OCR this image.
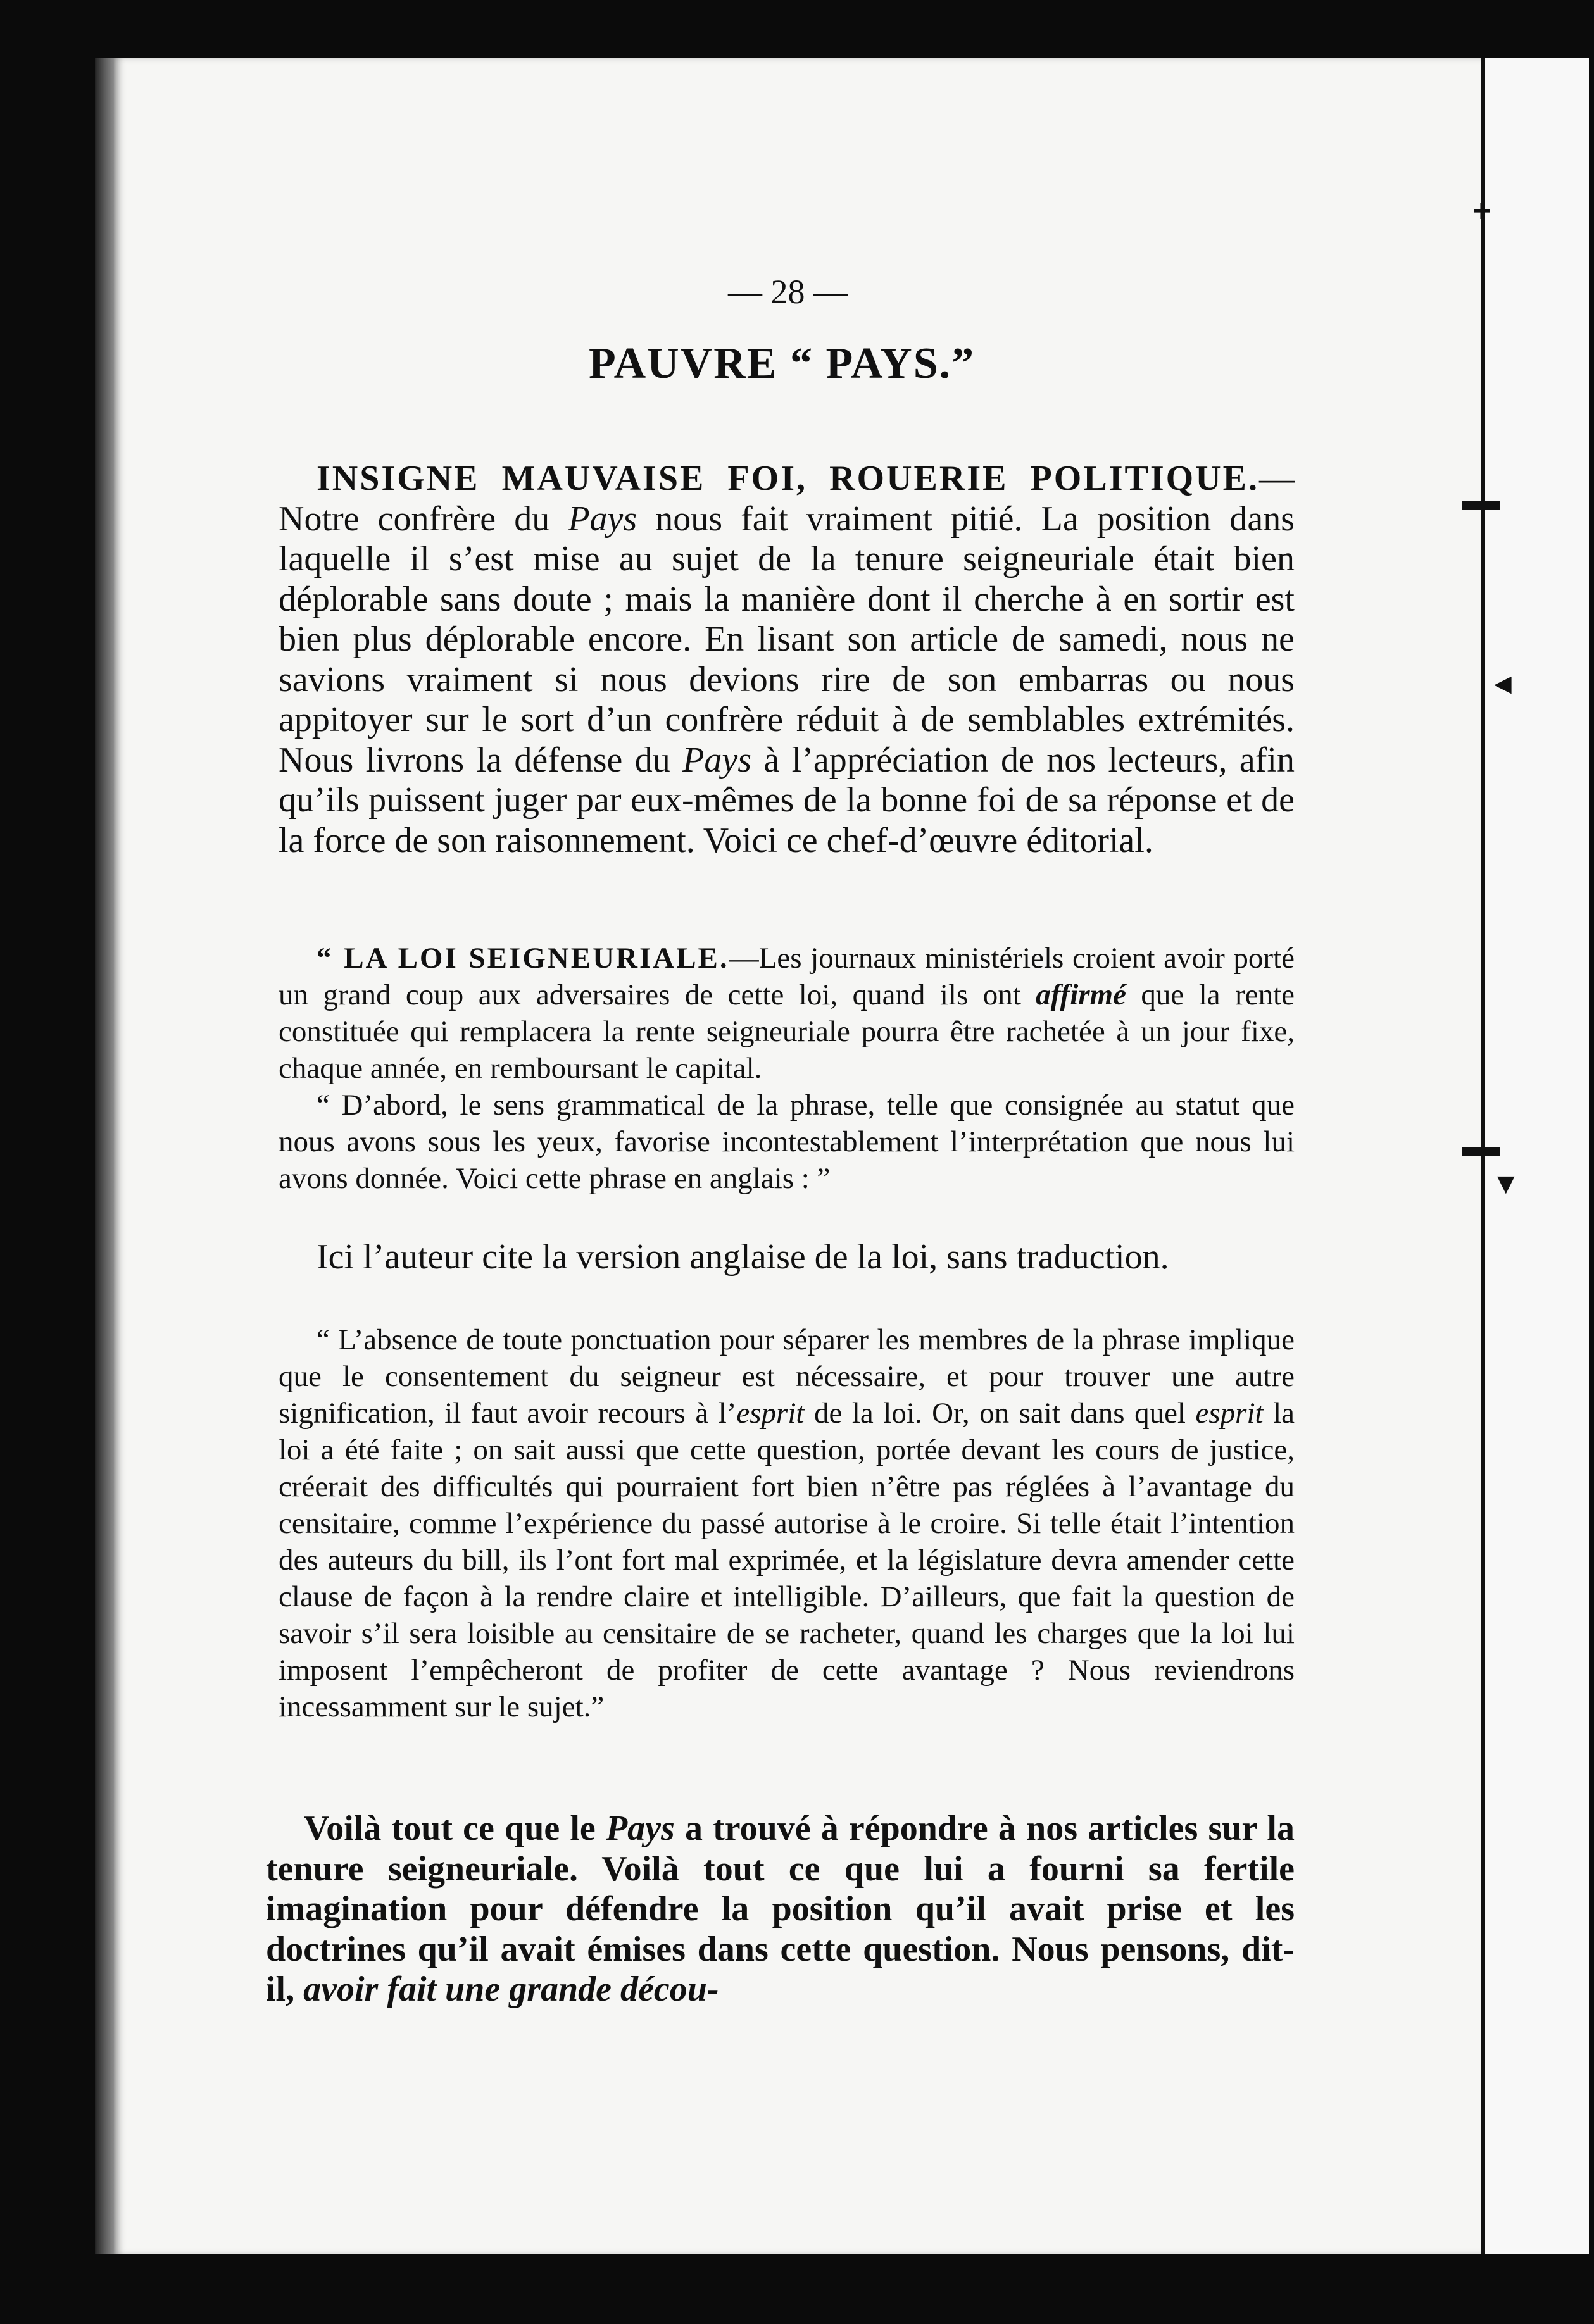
+
◀
▼
— 28 —
PAUVRE “ PAYS.”

INSIGNE MAUVAISE FOI, ROUERIE POLITIQUE.—Notre confrère du Pays nous fait vraiment pitié. La position dans laquelle il s’est mise au sujet de la tenure seigneuriale était bien déplorable sans doute ; mais la manière dont il cherche à en sortir est bien plus déplorable encore. En lisant son article de samedi, nous ne savions vraiment si nous devions rire de son embarras ou nous appitoyer sur le sort d’un confrère réduit à de semblables extrémités. Nous livrons la défense du Pays à l’appréciation de nos lecteurs, afin qu’ils puissent juger par eux-mêmes de la bonne foi de sa réponse et de la force de son raisonnement. Voici ce chef-d’œuvre éditorial.

“ LA LOI SEIGNEURIALE.—Les journaux ministériels croient avoir porté un grand coup aux adversaires de cette loi, quand ils ont affirmé que la rente constituée qui remplacera la rente seigneuriale pourra être rachetée à un jour fixe, chaque année, en remboursant le capital.

“ D’abord, le sens grammatical de la phrase, telle que consignée au statut que nous avons sous les yeux, favorise incontestablement l’interprétation que nous lui avons donnée. Voici cette phrase en anglais : ”

Ici l’auteur cite la version anglaise de la loi, sans traduction.

“ L’absence de toute ponctuation pour séparer les membres de la phrase implique que le consentement du seigneur est nécessaire, et pour trouver une autre signification, il faut avoir recours à l’esprit de la loi. Or, on sait dans quel esprit la loi a été faite ; on sait aussi que cette question, portée devant les cours de justice, créerait des difficultés qui pourraient fort bien n’être pas réglées à l’avantage du censitaire, comme l’expérience du passé autorise à le croire. Si telle était l’intention des auteurs du bill, ils l’ont fort mal exprimée, et la législature devra amender cette clause de façon à la rendre claire et intelligible. D’ailleurs, que fait la question de savoir s’il sera loisible au censitaire de se racheter, quand les charges que la loi lui imposent l’empêcheront de profiter de cette avantage ? Nous reviendrons incessamment sur le sujet.”

Voilà tout ce que le Pays a trouvé à répondre à nos articles sur la tenure seigneuriale. Voilà tout ce que lui a fourni sa fertile imagination pour défendre la position qu’il avait prise et les doctrines qu’il avait émises dans cette question. Nous pensons, dit-il, avoir fait une grande décou-
